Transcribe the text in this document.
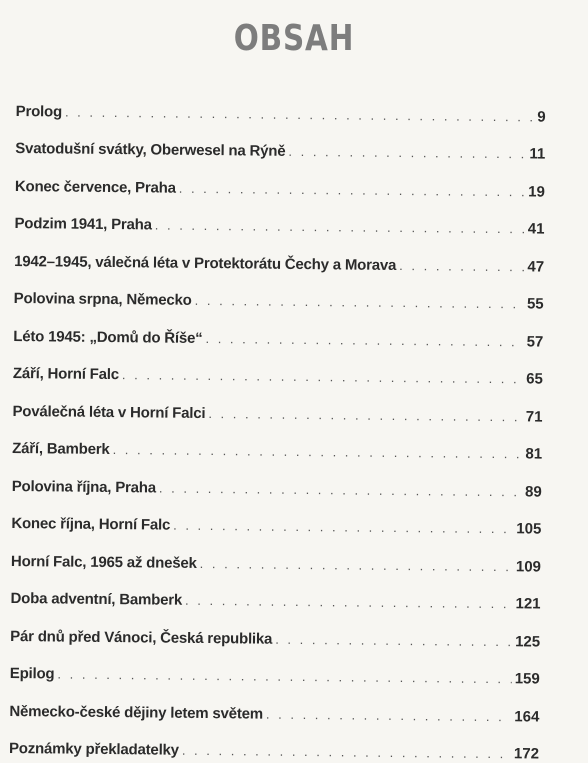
OBSAH
Prolog . . .	9
Svatodušní svátky, Oberwesel na Rýně . . .	11
Konec července, Praha . . .	19
Podzim 1941, Praha . . .	41
1942–1945, válečná léta v Protektorátu Čechy a Morava . . .	47
Polovina srpna, Německo . . .	55
Léto 1945: „Domů do Říše“ . . .	57
Září, Horní Falc . . .	65
Poválečná léta v Horní Falci . . .	71
Září, Bamberk . . .	81
Polovina října, Praha . . .	89
Konec října, Horní Falc . . .	105
Horní Falc, 1965 až dnešek . . .	109
Doba adventní, Bamberk . . .	121
Pár dnů před Vánoci, Česká republika . . .	125
Epilog . . .	159
Německo-české dějiny letem světem . . .	164
Poznámky překladatelky . . .	172
